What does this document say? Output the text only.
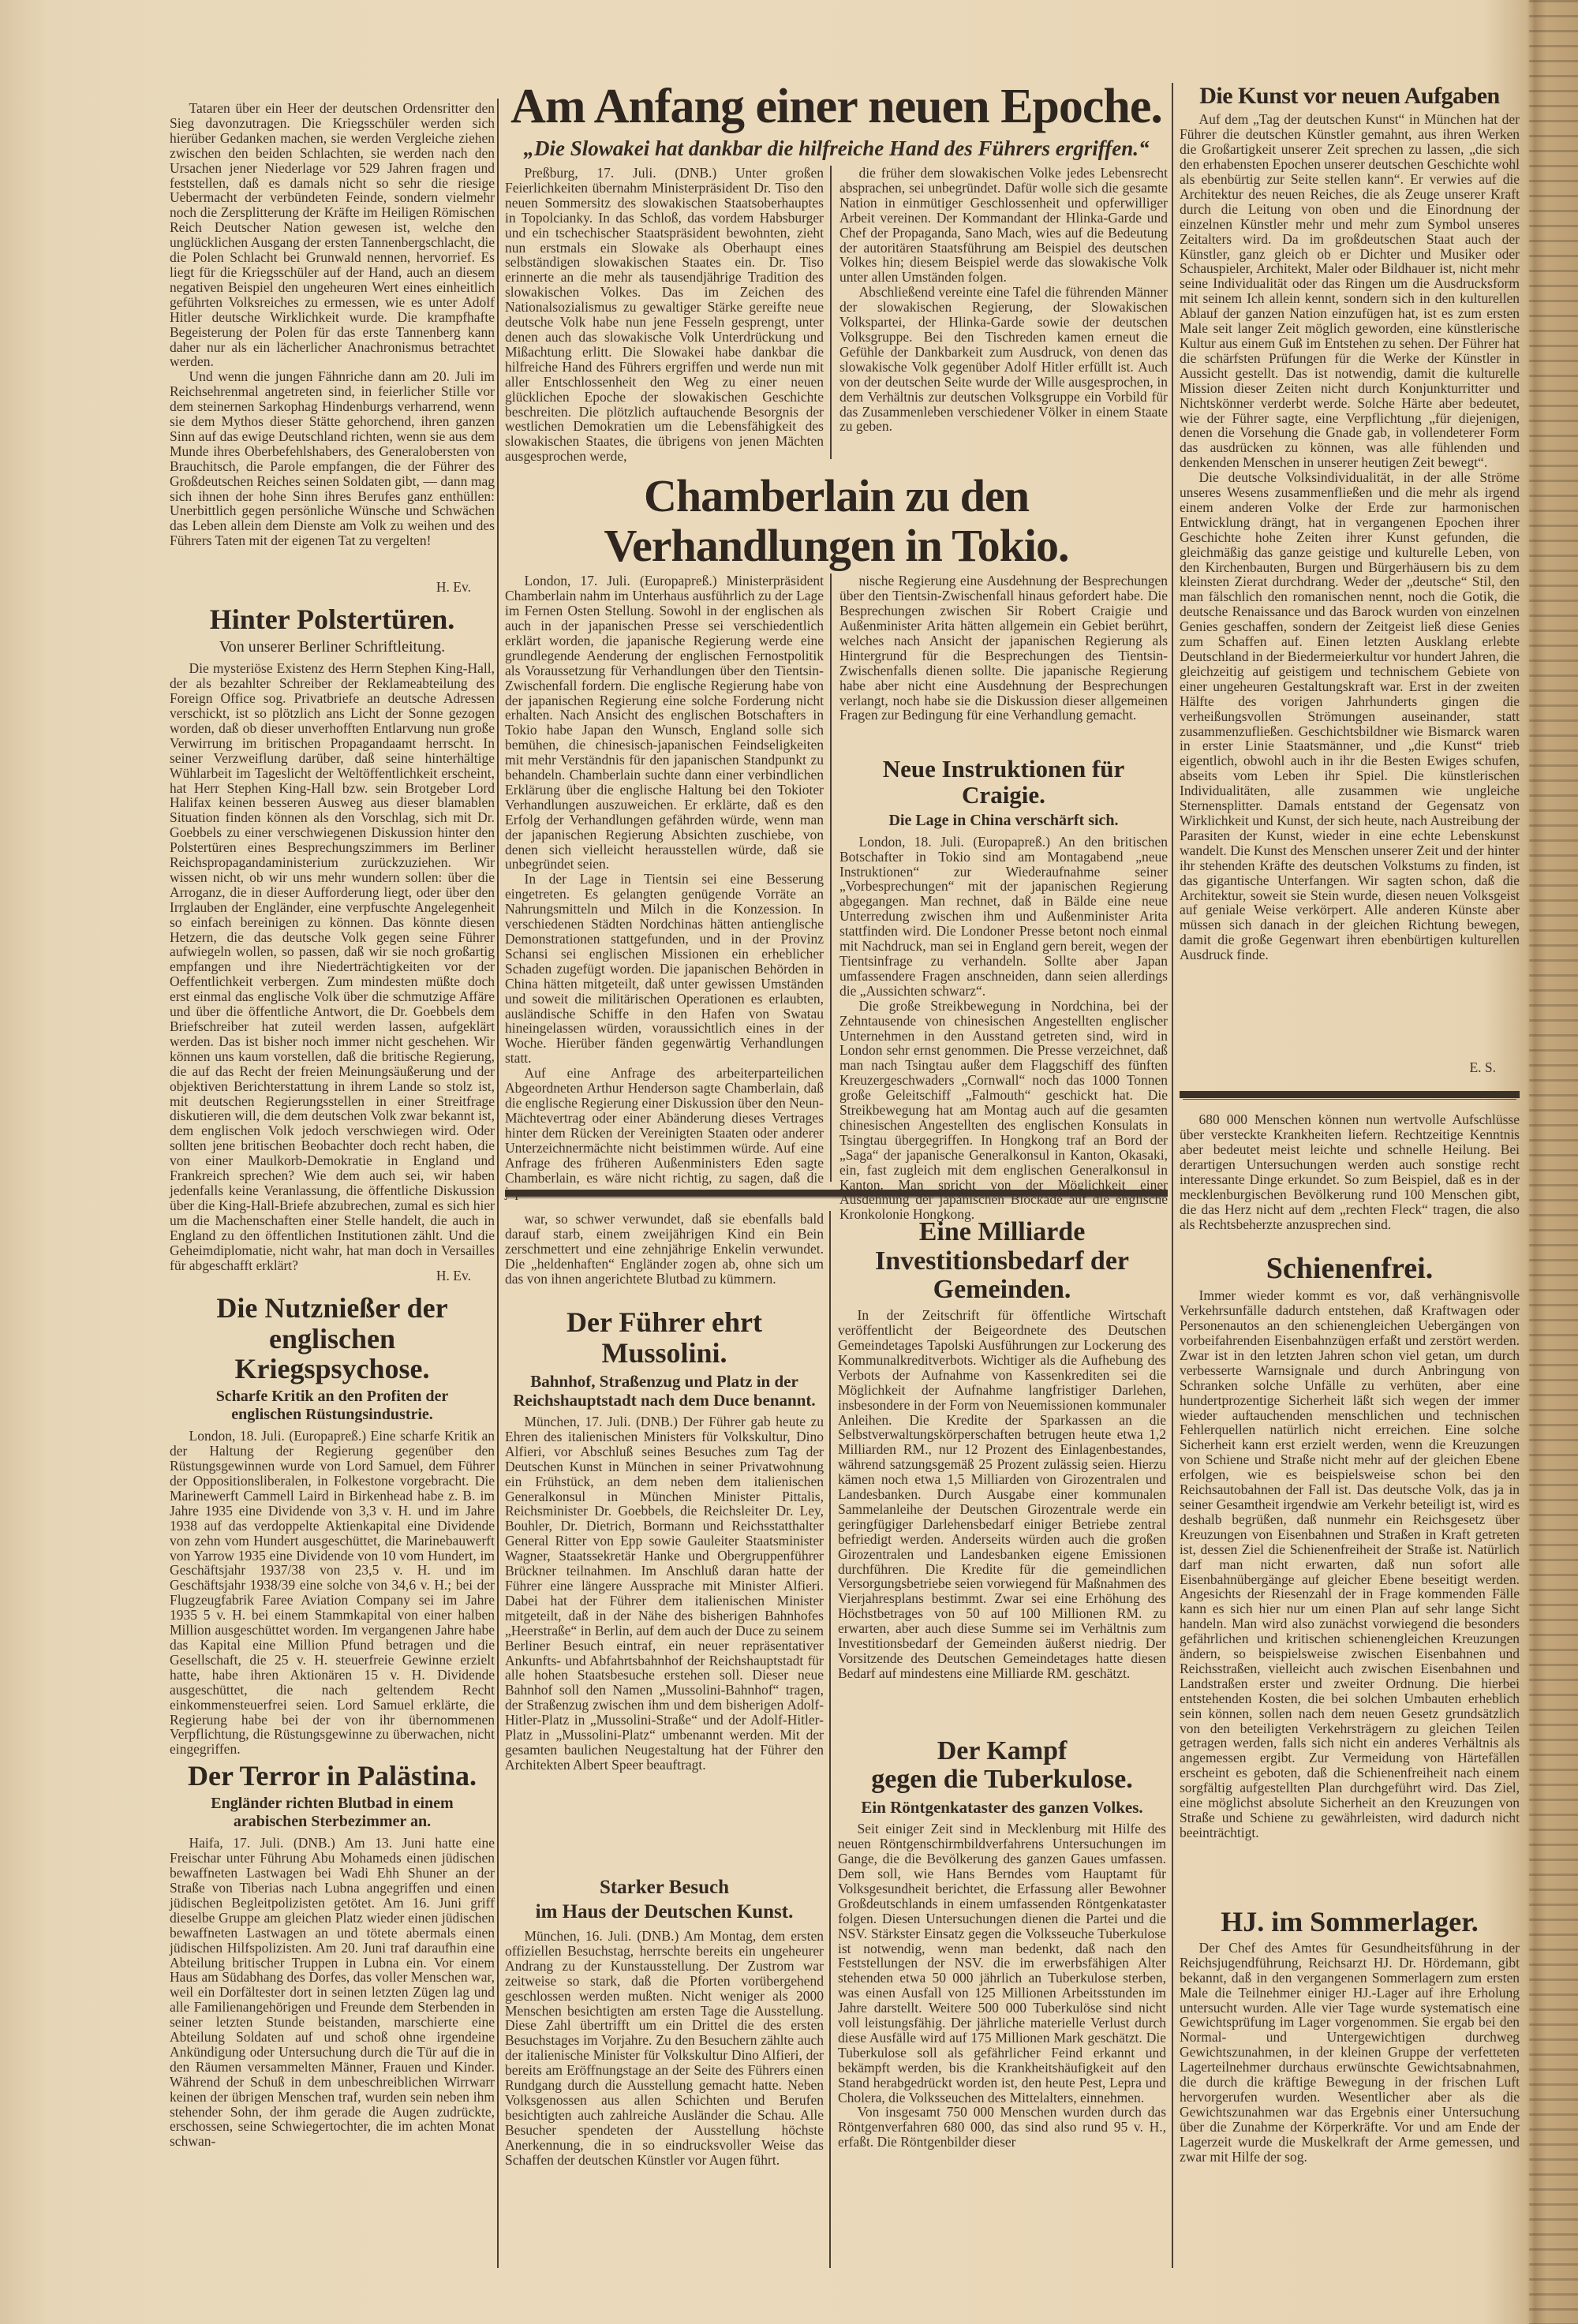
Tataren über ein Heer der deutschen Ordensritter den Sieg davonzutragen. Die Kriegsschüler werden sich hierüber Gedanken machen, sie werden Vergleiche ziehen zwischen den beiden Schlachten, sie werden nach den Ursachen jener Niederlage vor 529 Jahren fragen und feststellen, daß es damals nicht so sehr die riesige Uebermacht der verbündeten Feinde, sondern vielmehr noch die Zersplitterung der Kräfte im Heiligen Römischen Reich Deutscher Nation gewesen ist, welche den unglücklichen Ausgang der ersten Tannenbergschlacht, die die Polen Schlacht bei Grunwald nennen, hervorrief. Es liegt für die Kriegsschüler auf der Hand, auch an diesem negativen Beispiel den ungeheuren Wert eines einheitlich geführten Volksreiches zu ermessen, wie es unter Adolf Hitler deutsche Wirklichkeit wurde. Die krampfhafte Begeisterung der Polen für das erste Tannenberg kann daher nur als ein lächerlicher Anachronismus betrachtet werden.

Und wenn die jungen Fähnriche dann am 20. Juli im Reichsehrenmal angetreten sind, in feierlicher Stille vor dem steinernen Sarkophag Hindenburgs verharrend, wenn sie dem Mythos dieser Stätte gehorchend, ihren ganzen Sinn auf das ewige Deutschland richten, wenn sie aus dem Munde ihres Oberbefehlshabers, des Generalobersten von Brauchitsch, die Parole empfangen, die der Führer des Großdeutschen Reiches seinen Soldaten gibt, — dann mag sich ihnen der hohe Sinn ihres Berufes ganz enthüllen: Unerbittlich gegen persönliche Wünsche und Schwächen das Leben allein dem Dienste am Volk zu weihen und des Führers Taten mit der eigenen Tat zu vergelten!

H. Ev.
Hinter Polstertüren.
Von unserer Berliner Schriftleitung.

Die mysteriöse Existenz des Herrn Stephen King-Hall, der als bezahlter Schreiber der Reklameabteilung des Foreign Office sog. Privatbriefe an deutsche Adressen verschickt, ist so plötzlich ans Licht der Sonne gezogen worden, daß ob dieser unverhofften Entlarvung nun große Verwirrung im britischen Propagandaamt herrscht. In seiner Verzweiflung darüber, daß seine hinterhältige Wühlarbeit im Tageslicht der Weltöffentlichkeit erscheint, hat Herr Stephen King-Hall bzw. sein Brotgeber Lord Halifax keinen besseren Ausweg aus dieser blamablen Situation finden können als den Vorschlag, sich mit Dr. Goebbels zu einer verschwiegenen Diskussion hinter den Polstertüren eines Besprechungszimmers im Berliner Reichspropagandaministerium zurückzuziehen. Wir wissen nicht, ob wir uns mehr wundern sollen: über die Arroganz, die in dieser Aufforderung liegt, oder über den Irrglauben der Engländer, eine verpfuschte Angelegenheit so einfach bereinigen zu können. Das könnte diesen Hetzern, die das deutsche Volk gegen seine Führer aufwiegeln wollen, so passen, daß wir sie noch großartig empfangen und ihre Niederträchtigkeiten vor der Oeffentlichkeit verbergen. Zum mindesten müßte doch erst einmal das englische Volk über die schmutzige Affäre und über die öffentliche Antwort, die Dr. Goebbels dem Briefschreiber hat zuteil werden lassen, aufgeklärt werden. Das ist bisher noch immer nicht geschehen. Wir können uns kaum vorstellen, daß die britische Regierung, die auf das Recht der freien Meinungsäußerung und der objektiven Berichterstattung in ihrem Lande so stolz ist, mit deutschen Regierungsstellen in einer Streitfrage diskutieren will, die dem deutschen Volk zwar bekannt ist, dem englischen Volk jedoch verschwiegen wird. Oder sollten jene britischen Beobachter doch recht haben, die von einer Maulkorb-Demokratie in England und Frankreich sprechen? Wie dem auch sei, wir haben jedenfalls keine Veranlassung, die öffentliche Diskussion über die King-Hall-Briefe abzubrechen, zumal es sich hier um die Machenschaften einer Stelle handelt, die auch in England zu den öffentlichen Institutionen zählt. Und die Geheimdiplomatie, nicht wahr, hat man doch in Versailles für abgeschafft erklärt?

H. Ev.
Die Nutznießer der englischen Kriegspsychose.
Scharfe Kritik an den Profiten der englischen Rüstungsindustrie.

London, 18. Juli. (Europapreß.) Eine scharfe Kritik an der Haltung der Regierung gegenüber den Rüstungsgewinnen wurde von Lord Samuel, dem Führer der Oppositionsliberalen, in Folkestone vorgebracht. Die Marinewerft Cammell Laird in Birkenhead habe z. B. im Jahre 1935 eine Dividende von 3,3 v. H. und im Jahre 1938 auf das verdoppelte Aktienkapital eine Dividende von zehn vom Hundert ausgeschüttet, die Marinebauwerft von Yarrow 1935 eine Dividende von 10 vom Hundert, im Geschäftsjahr 1937/38 von 23,5 v. H. und im Geschäftsjahr 1938/39 eine solche von 34,6 v. H.; bei der Flugzeugfabrik Faree Aviation Company sei im Jahre 1935 5 v. H. bei einem Stammkapital von einer halben Million ausgeschüttet worden. Im vergangenen Jahre habe das Kapital eine Million Pfund betragen und die Gesellschaft, die 25 v. H. steuerfreie Gewinne erzielt hatte, habe ihren Aktionären 15 v. H. Dividende ausgeschüttet, die nach geltendem Recht einkommensteuerfrei seien. Lord Samuel erklärte, die Regierung habe bei der von ihr übernommenen Verpflichtung, die Rüstungsgewinne zu überwachen, nicht eingegriffen.

Der Terror in Palästina.
Engländer richten Blutbad in einem arabischen Sterbezimmer an.

Haifa, 17. Juli. (DNB.) Am 13. Juni hatte eine Freischar unter Führung Abu Mohameds einen jüdischen bewaffneten Lastwagen bei Wadi Ehh Shuner an der Straße von Tiberias nach Lubna angegriffen und einen jüdischen Begleitpolizisten getötet. Am 16. Juni griff dieselbe Gruppe am gleichen Platz wieder einen jüdischen bewaffneten Lastwagen an und tötete abermals einen jüdischen Hilfspolizisten. Am 20. Juni traf daraufhin eine Abteilung britischer Truppen in Lubna ein. Vor einem Haus am Südabhang des Dorfes, das voller Menschen war, weil ein Dorfältester dort in seinen letzten Zügen lag und alle Familienangehörigen und Freunde dem Sterbenden in seiner letzten Stunde beistanden, marschierte eine Abteilung Soldaten auf und schoß ohne irgendeine Ankündigung oder Untersuchung durch die Tür auf die in den Räumen versammelten Männer, Frauen und Kinder. Während der Schuß in dem unbeschreiblichen Wirrwarr keinen der übrigen Menschen traf, wurden sein neben ihm stehender Sohn, der ihm gerade die Augen zudrückte, erschossen, seine Schwiegertochter, die im achten Monat schwan-

Am Anfang einer neuen Epoche.
„Die Slowakei hat dankbar die hilfreiche Hand des Führers ergriffen.“

Preßburg, 17. Juli. (DNB.) Unter großen Feierlichkeiten übernahm Ministerpräsident Dr. Tiso den neuen Sommersitz des slowakischen Staatsoberhauptes in Topolcianky. In das Schloß, das vordem Habsburger und ein tschechischer Staatspräsident bewohnten, zieht nun erstmals ein Slowake als Oberhaupt eines selbständigen slowakischen Staates ein. Dr. Tiso erinnerte an die mehr als tausendjährige Tradition des slowakischen Volkes. Das im Zeichen des Nationalsozialismus zu gewaltiger Stärke gereifte neue deutsche Volk habe nun jene Fesseln gesprengt, unter denen auch das slowakische Volk Unterdrückung und Mißachtung erlitt. Die Slowakei habe dankbar die hilfreiche Hand des Führers ergriffen und werde nun mit aller Entschlossenheit den Weg zu einer neuen glücklichen Epoche der slowakischen Geschichte beschreiten. Die plötzlich auftauchende Besorgnis der westlichen Demokratien um die Lebensfähigkeit des slowakischen Staates, die übrigens von jenen Mächten ausgesprochen werde,

die früher dem slowakischen Volke jedes Lebensrecht absprachen, sei unbegründet. Dafür wolle sich die gesamte Nation in einmütiger Geschlossenheit und opferwilliger Arbeit vereinen. Der Kommandant der Hlinka-Garde und Chef der Propaganda, Sano Mach, wies auf die Bedeutung der autoritären Staatsführung am Beispiel des deutschen Volkes hin; diesem Beispiel werde das slowakische Volk unter allen Umständen folgen.

Abschließend vereinte eine Tafel die führenden Männer der slowakischen Regierung, der Slowakischen Volkspartei, der Hlinka-Garde sowie der deutschen Volksgruppe. Bei den Tischreden kamen erneut die Gefühle der Dankbarkeit zum Ausdruck, von denen das slowakische Volk gegenüber Adolf Hitler erfüllt ist. Auch von der deutschen Seite wurde der Wille ausgesprochen, in dem Verhältnis zur deutschen Volksgruppe ein Vorbild für das Zusammenleben verschiedener Völker in einem Staate zu geben.

Chamberlain zu den Verhandlungen in Tokio.

London, 17. Juli. (Europapreß.) Ministerpräsident Chamberlain nahm im Unterhaus ausführlich zu der Lage im Fernen Osten Stellung. Sowohl in der englischen als auch in der japanischen Presse sei verschiedentlich erklärt worden, die japanische Regierung werde eine grundlegende Aenderung der englischen Fernostpolitik als Voraussetzung für Verhandlungen über den Tientsin-Zwischenfall fordern. Die englische Regierung habe von der japanischen Regierung eine solche Forderung nicht erhalten. Nach Ansicht des englischen Botschafters in Tokio habe Japan den Wunsch, England solle sich bemühen, die chinesisch-japanischen Feindseligkeiten mit mehr Verständnis für den japanischen Standpunkt zu behandeln. Chamberlain suchte dann einer verbindlichen Erklärung über die englische Haltung bei den Tokioter Verhandlungen auszuweichen. Er erklärte, daß es den Erfolg der Verhandlungen gefährden würde, wenn man der japanischen Regierung Absichten zuschiebe, von denen sich vielleicht herausstellen würde, daß sie unbegründet seien.

In der Lage in Tientsin sei eine Besserung eingetreten. Es gelangten genügende Vorräte an Nahrungsmitteln und Milch in die Konzession. In verschiedenen Städten Nordchinas hätten antienglische Demonstrationen stattgefunden, und in der Provinz Schansi sei englischen Missionen ein erheblicher Schaden zugefügt worden. Die japanischen Behörden in China hätten mitgeteilt, daß unter gewissen Umständen und soweit die militärischen Operationen es erlaubten, ausländische Schiffe in den Hafen von Swatau hineingelassen würden, voraussichtlich eines in der Woche. Hierüber fänden gegenwärtig Verhandlungen statt.

Auf eine Anfrage des arbeiterparteilichen Abgeordneten Arthur Henderson sagte Chamberlain, daß die englische Regierung einer Diskussion über den Neun-Mächtevertrag oder einer Abänderung dieses Vertrages hinter dem Rücken der Vereinigten Staaten oder anderer Unterzeichnermächte nicht beistimmen würde. Auf eine Anfrage des früheren Außenministers Eden sagte Chamberlain, es wäre nicht richtig, zu sagen, daß die japa-

nische Regierung eine Ausdehnung der Besprechungen über den Tientsin-Zwischenfall hinaus gefordert habe. Die Besprechungen zwischen Sir Robert Craigie und Außenminister Arita hätten allgemein ein Gebiet berührt, welches nach Ansicht der japanischen Regierung als Hintergrund für die Besprechungen des Tientsin-Zwischenfalls dienen sollte. Die japanische Regierung habe aber nicht eine Ausdehnung der Besprechungen verlangt, noch habe sie die Diskussion dieser allgemeinen Fragen zur Bedingung für eine Verhandlung gemacht.

Neue Instruktionen für Craigie.
Die Lage in China verschärft sich.

London, 18. Juli. (Europapreß.) An den britischen Botschafter in Tokio sind am Montagabend „neue Instruktionen“ zur Wiederaufnahme seiner „Vorbesprechungen“ mit der japanischen Regierung abgegangen. Man rechnet, daß in Bälde eine neue Unterredung zwischen ihm und Außenminister Arita stattfinden wird. Die Londoner Presse betont noch einmal mit Nachdruck, man sei in England gern bereit, wegen der Tientsinfrage zu verhandeln. Sollte aber Japan umfassendere Fragen anschneiden, dann seien allerdings die „Aussichten schwarz“.

Die große Streikbewegung in Nordchina, bei der Zehntausende von chinesischen Angestellten englischer Unternehmen in den Ausstand getreten sind, wird in London sehr ernst genommen. Die Presse verzeichnet, daß man nach Tsingtau außer dem Flaggschiff des fünften Kreuzergeschwaders „Cornwall“ noch das 1000 Tonnen große Geleitschiff „Falmouth“ geschickt hat. Die Streikbewegung hat am Montag auch auf die gesamten chinesischen Angestellten des englischen Konsulats in Tsingtau übergegriffen. In Hongkong traf an Bord der „Saga“ der japanische Generalkonsul in Kanton, Okasaki, ein, fast zugleich mit dem englischen Generalkonsul in Kanton. Man spricht von der Möglichkeit einer Ausdehnung der japanischen Blockade auf die englische Kronkolonie Hongkong.

war, so schwer verwundet, daß sie ebenfalls bald darauf starb, einem zweijährigen Kind ein Bein zerschmettert und eine zehnjährige Enkelin verwundet. Die „heldenhaften“ Engländer zogen ab, ohne sich um das von ihnen angerichtete Blutbad zu kümmern.

Der Führer ehrt Mussolini.
Bahnhof, Straßenzug und Platz in der Reichshauptstadt nach dem Duce benannt.

München, 17. Juli. (DNB.) Der Führer gab heute zu Ehren des italienischen Ministers für Volkskultur, Dino Alfieri, vor Abschluß seines Besuches zum Tag der Deutschen Kunst in München in seiner Privatwohnung ein Frühstück, an dem neben dem italienischen Generalkonsul in München Minister Pittalis, Reichsminister Dr. Goebbels, die Reichsleiter Dr. Ley, Bouhler, Dr. Dietrich, Bormann und Reichsstatthalter General Ritter von Epp sowie Gauleiter Staatsminister Wagner, Staatssekretär Hanke und Obergruppenführer Brückner teilnahmen. Im Anschluß daran hatte der Führer eine längere Aussprache mit Minister Alfieri. Dabei hat der Führer dem italienischen Minister mitgeteilt, daß in der Nähe des bisherigen Bahnhofes „Heerstraße“ in Berlin, auf dem auch der Duce zu seinem Berliner Besuch eintraf, ein neuer repräsentativer Ankunfts- und Abfahrtsbahnhof der Reichshauptstadt für alle hohen Staatsbesuche erstehen soll. Dieser neue Bahnhof soll den Namen „Mussolini-Bahnhof“ tragen, der Straßenzug zwischen ihm und dem bisherigen Adolf-Hitler-Platz in „Mussolini-Straße“ und der Adolf-Hitler-Platz in „Mussolini-Platz“ umbenannt werden. Mit der gesamten baulichen Neugestaltung hat der Führer den Architekten Albert Speer beauftragt.

Starker Besuch
im Haus der Deutschen Kunst.

München, 16. Juli. (DNB.) Am Montag, dem ersten offiziellen Besuchstag, herrschte bereits ein ungeheurer Andrang zu der Kunstausstellung. Der Zustrom war zeitweise so stark, daß die Pforten vorübergehend geschlossen werden mußten. Nicht weniger als 2000 Menschen besichtigten am ersten Tage die Ausstellung. Diese Zahl übertrifft um ein Drittel die des ersten Besuchstages im Vorjahre. Zu den Besuchern zählte auch der italienische Minister für Volkskultur Dino Alfieri, der bereits am Eröffnungstage an der Seite des Führers einen Rundgang durch die Ausstellung gemacht hatte. Neben Volksgenossen aus allen Schichten und Berufen besichtigten auch zahlreiche Ausländer die Schau. Alle Besucher spendeten der Ausstellung höchste Anerkennung, die in so eindrucksvoller Weise das Schaffen der deutschen Künstler vor Augen führt.

Eine Milliarde Investitionsbedarf der Gemeinden.

In der Zeitschrift für öffentliche Wirtschaft veröffentlicht der Beigeordnete des Deutschen Gemeindetages Tapolski Ausführungen zur Lockerung des Kommunalkreditverbots. Wichtiger als die Aufhebung des Verbots der Aufnahme von Kassenkrediten sei die Möglichkeit der Aufnahme langfristiger Darlehen, insbesondere in der Form von Neuemissionen kommunaler Anleihen. Die Kredite der Sparkassen an die Selbstverwaltungskörperschaften betrugen heute etwa 1,2 Milliarden RM., nur 12 Prozent des Einlagenbestandes, während satzungsgemäß 25 Prozent zulässig seien. Hierzu kämen noch etwa 1,5 Milliarden von Girozentralen und Landesbanken. Durch Ausgabe einer kommunalen Sammelanleihe der Deutschen Girozentrale werde ein geringfügiger Darlehensbedarf einiger Betriebe zentral befriedigt werden. Anderseits würden auch die großen Girozentralen und Landesbanken eigene Emissionen durchführen. Die Kredite für die gemeindlichen Versorgungsbetriebe seien vorwiegend für Maßnahmen des Vierjahresplans bestimmt. Zwar sei eine Erhöhung des Höchstbetrages von 50 auf 100 Millionen RM. zu erwarten, aber auch diese Summe sei im Verhältnis zum Investitionsbedarf der Gemeinden äußerst niedrig. Der Vorsitzende des Deutschen Gemeindetages hatte diesen Bedarf auf mindestens eine Milliarde RM. geschätzt.

Der Kampf
gegen die Tuberkulose.
Ein Röntgenkataster des ganzen Volkes.

Seit einiger Zeit sind in Mecklenburg mit Hilfe des neuen Röntgenschirmbildverfahrens Untersuchungen im Gange, die die Bevölkerung des ganzen Gaues umfassen. Dem soll, wie Hans Berndes vom Hauptamt für Volksgesundheit berichtet, die Erfassung aller Bewohner Großdeutschlands in einem umfassenden Röntgenkataster folgen. Diesen Untersuchungen dienen die Partei und die NSV. Stärkster Einsatz gegen die Volksseuche Tuberkulose ist notwendig, wenn man bedenkt, daß nach den Feststellungen der NSV. die im erwerbsfähigen Alter stehenden etwa 50 000 jährlich an Tuberkulose sterben, was einen Ausfall von 125 Millionen Arbeitsstunden im Jahre darstellt. Weitere 500 000 Tuberkulöse sind nicht voll leistungsfähig. Der jährliche materielle Verlust durch diese Ausfälle wird auf 175 Millionen Mark geschätzt. Die Tuberkulose soll als gefährlicher Feind erkannt und bekämpft werden, bis die Krankheitshäufigkeit auf den Stand herabgedrückt worden ist, den heute Pest, Lepra und Cholera, die Volksseuchen des Mittelalters, einnehmen.

Von insgesamt 750 000 Menschen wurden durch das Röntgenverfahren 680 000, das sind also rund 95 v. H., erfaßt. Die Röntgenbilder dieser

Die Kunst vor neuen Aufgaben

Auf dem „Tag der deutschen Kunst“ in München hat der Führer die deutschen Künstler gemahnt, aus ihren Werken die Großartigkeit unserer Zeit sprechen zu lassen, „die sich den erhabensten Epochen unserer deutschen Geschichte wohl als ebenbürtig zur Seite stellen kann“. Er verwies auf die Architektur des neuen Reiches, die als Zeuge unserer Kraft durch die Leitung von oben und die Einordnung der einzelnen Künstler mehr und mehr zum Symbol unseres Zeitalters wird. Da im großdeutschen Staat auch der Künstler, ganz gleich ob er Dichter und Musiker oder Schauspieler, Architekt, Maler oder Bildhauer ist, nicht mehr seine Individualität oder das Ringen um die Ausdrucksform mit seinem Ich allein kennt, sondern sich in den kulturellen Ablauf der ganzen Nation einzufügen hat, ist es zum ersten Male seit langer Zeit möglich geworden, eine künstlerische Kultur aus einem Guß im Entstehen zu sehen. Der Führer hat die schärfsten Prüfungen für die Werke der Künstler in Aussicht gestellt. Das ist notwendig, damit die kulturelle Mission dieser Zeiten nicht durch Konjunkturritter und Nichtskönner verderbt werde. Solche Härte aber bedeutet, wie der Führer sagte, eine Verpflichtung „für diejenigen, denen die Vorsehung die Gnade gab, in vollendeterer Form das ausdrücken zu können, was alle fühlenden und denkenden Menschen in unserer heutigen Zeit bewegt“.

Die deutsche Volksindividualität, in der alle Ströme unseres Wesens zusammenfließen und die mehr als irgend einem anderen Volke der Erde zur harmonischen Entwicklung drängt, hat in vergangenen Epochen ihrer Geschichte hohe Zeiten ihrer Kunst gefunden, die gleichmäßig das ganze geistige und kulturelle Leben, von den Kirchenbauten, Burgen und Bürgerhäusern bis zu dem kleinsten Zierat durchdrang. Weder der „deutsche“ Stil, den man fälschlich den romanischen nennt, noch die Gotik, die deutsche Renaissance und das Barock wurden von einzelnen Genies geschaffen, sondern der Zeitgeist ließ diese Genies zum Schaffen auf. Einen letzten Ausklang erlebte Deutschland in der Biedermeierkultur vor hundert Jahren, die gleichzeitig auf geistigem und technischem Gebiete von einer ungeheuren Gestaltungskraft war. Erst in der zweiten Hälfte des vorigen Jahrhunderts gingen die verheißungsvollen Strömungen auseinander, statt zusammenzufließen. Geschichtsbildner wie Bismarck waren in erster Linie Staatsmänner, und „die Kunst“ trieb eigentlich, obwohl auch in ihr die Besten Ewiges schufen, abseits vom Leben ihr Spiel. Die künstlerischen Individualitäten, alle zusammen wie ungleiche Sternensplitter. Damals entstand der Gegensatz von Wirklichkeit und Kunst, der sich heute, nach Austreibung der Parasiten der Kunst, wieder in eine echte Lebenskunst wandelt. Die Kunst des Menschen unserer Zeit und der hinter ihr stehenden Kräfte des deutschen Volkstums zu finden, ist das gigantische Unterfangen. Wir sagten schon, daß die Architektur, soweit sie Stein wurde, diesen neuen Volksgeist auf geniale Weise verkörpert. Alle anderen Künste aber müssen sich danach in der gleichen Richtung bewegen, damit die große Gegenwart ihren ebenbürtigen kulturellen Ausdruck finde.

E. S.

680 000 Menschen können nun wertvolle Aufschlüsse über versteckte Krankheiten liefern. Rechtzeitige Kenntnis aber bedeutet meist leichte und schnelle Heilung. Bei derartigen Untersuchungen werden auch sonstige recht interessante Dinge erkundet. So zum Beispiel, daß es in der mecklenburgischen Bevölkerung rund 100 Menschen gibt, die das Herz nicht auf dem „rechten Fleck“ tragen, die also als Rechtsbeherzte anzusprechen sind.

Schienenfrei.

Immer wieder kommt es vor, daß verhängnisvolle Verkehrsunfälle dadurch entstehen, daß Kraftwagen oder Personenautos an den schienengleichen Uebergängen von vorbeifahrenden Eisenbahnzügen erfaßt und zerstört werden. Zwar ist in den letzten Jahren schon viel getan, um durch verbesserte Warnsignale und durch Anbringung von Schranken solche Unfälle zu verhüten, aber eine hundertprozentige Sicherheit läßt sich wegen der immer wieder auftauchenden menschlichen und technischen Fehlerquellen natürlich nicht erreichen. Eine solche Sicherheit kann erst erzielt werden, wenn die Kreuzungen von Schiene und Straße nicht mehr auf der gleichen Ebene erfolgen, wie es beispielsweise schon bei den Reichsautobahnen der Fall ist. Das deutsche Volk, das ja in seiner Gesamtheit irgendwie am Verkehr beteiligt ist, wird es deshalb begrüßen, daß nunmehr ein Reichsgesetz über Kreuzungen von Eisenbahnen und Straßen in Kraft getreten ist, dessen Ziel die Schienenfreiheit der Straße ist. Natürlich darf man nicht erwarten, daß nun sofort alle Eisenbahnübergänge auf gleicher Ebene beseitigt werden. Angesichts der Riesenzahl der in Frage kommenden Fälle kann es sich hier nur um einen Plan auf sehr lange Sicht handeln. Man wird also zunächst vorwiegend die besonders gefährlichen und kritischen schienengleichen Kreuzungen ändern, so beispielsweise zwischen Eisenbahnen und Reichsstraßen, vielleicht auch zwischen Eisenbahnen und Landstraßen erster und zweiter Ordnung. Die hierbei entstehenden Kosten, die bei solchen Umbauten erheblich sein können, sollen nach dem neuen Gesetz grundsätzlich von den beteiligten Verkehrsträgern zu gleichen Teilen getragen werden, falls sich nicht ein anderes Verhältnis als angemessen ergibt. Zur Vermeidung von Härtefällen erscheint es geboten, daß die Schienenfreiheit nach einem sorgfältig aufgestellten Plan durchgeführt wird. Das Ziel, eine möglichst absolute Sicherheit an den Kreuzungen von Straße und Schiene zu gewährleisten, wird dadurch nicht beeinträchtigt.

HJ. im Sommerlager.

Der Chef des Amtes für Gesundheitsführung in der Reichsjugendführung, Reichsarzt HJ. Dr. Hördemann, gibt bekannt, daß in den vergangenen Sommerlagern zum ersten Male die Teilnehmer einiger HJ.-Lager auf ihre Erholung untersucht wurden. Alle vier Tage wurde systematisch eine Gewichtsprüfung im Lager vorgenommen. Sie ergab bei den Normal- und Untergewichtigen durchweg Gewichtszunahmen, in der kleinen Gruppe der verfetteten Lagerteilnehmer durchaus erwünschte Gewichtsabnahmen, die durch die kräftige Bewegung in der frischen Luft hervorgerufen wurden. Wesentlicher aber als die Gewichtszunahmen war das Ergebnis einer Untersuchung über die Zunahme der Körperkräfte. Vor und am Ende der Lagerzeit wurde die Muskelkraft der Arme gemessen, und zwar mit Hilfe der sog.
